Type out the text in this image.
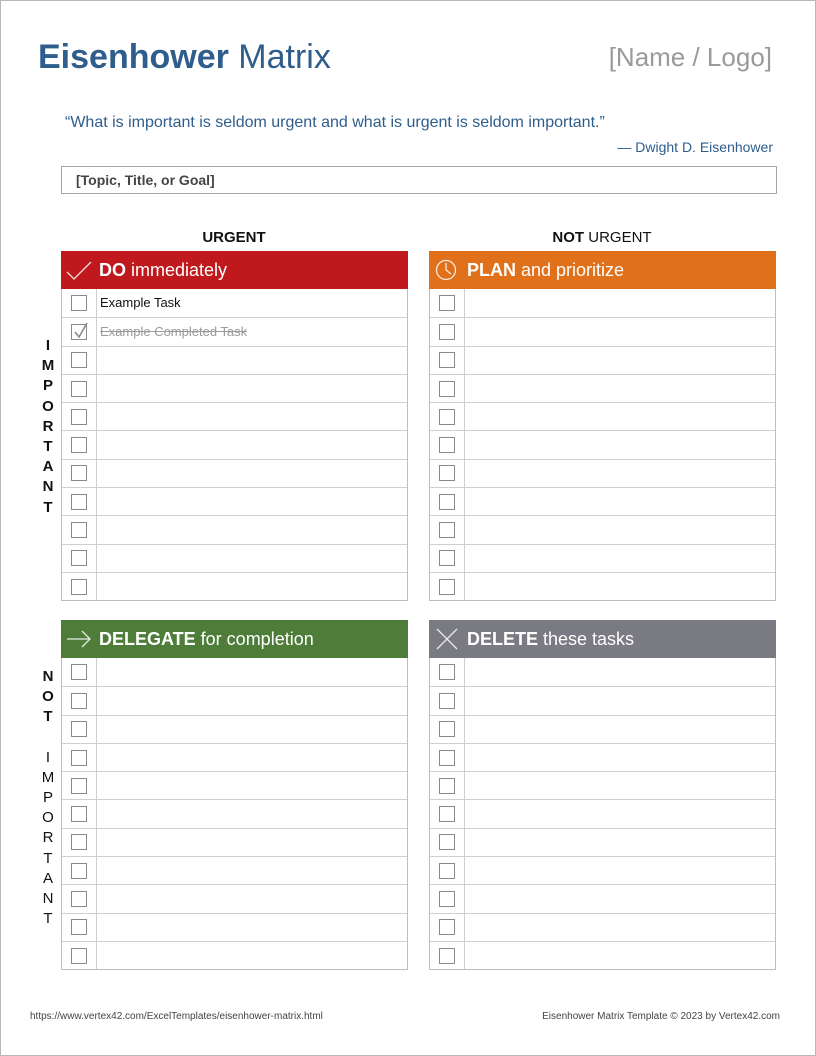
Eisenhower Matrix	[Name / Logo]
“What is important is seldom urgent and what is urgent is seldom important.”
— Dwight D. Eisenhower
[Topic, Title, or Goal]
URGENT	NOT URGENT
I
M
P
O
R
T
A
N
T
N
O
T
I
M
P
O
R
T
A
N
T
DO immediately
Example Task
Example Completed Task
PLAN and prioritize
DELEGATE for completion	DELETE these tasks
https://www.vertex42.com/ExcelTemplates/eisenhower-matrix.html	Eisenhower Matrix Template © 2023 by Vertex42.com
